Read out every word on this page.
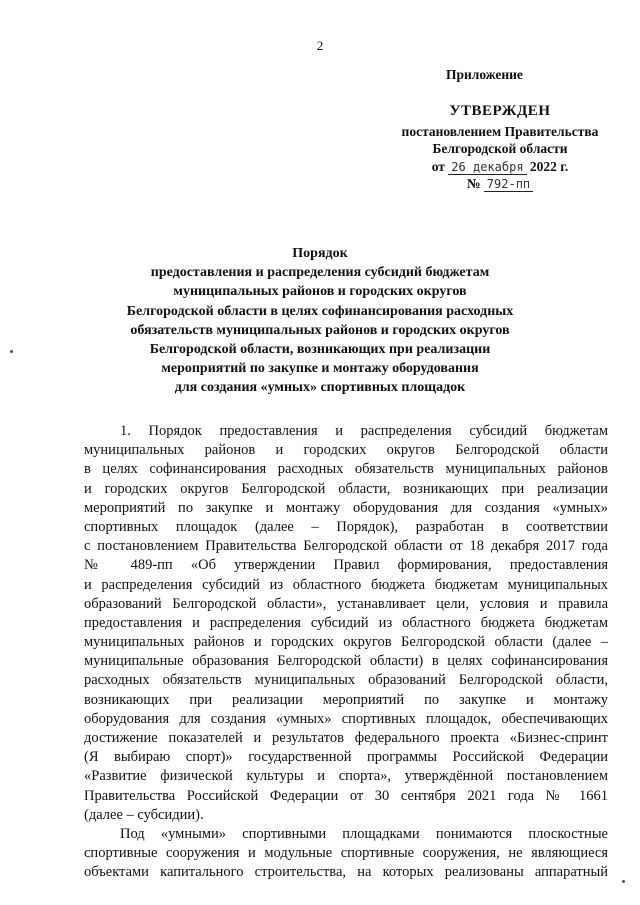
2
Приложение
УТВЕРЖДЕН
постановлением Правительства
Белгородской области
от 26 декабря 2022 г.
№ 792-пп
Порядок
предоставления и распределения субсидий бюджетам
муниципальных районов и городских округов
Белгородской области в целях софинансирования расходных
обязательств муниципальных районов и городских округов
Белгородской области, возникающих при реализации
мероприятий по закупке и монтажу оборудования
для создания «умных» спортивных площадок
1. Порядок предоставления и распределения субсидий бюджетам
муниципальных районов и городских округов Белгородской области
в целях софинансирования расходных обязательств муниципальных районов
и городских округов Белгородской области, возникающих при реализации
мероприятий по закупке и монтажу оборудования для создания «умных»
спортивных площадок (далее – Порядок), разработан в соответствии
с постановлением Правительства Белгородской области от 18 декабря 2017 года
№ 489-пп «Об утверждении Правил формирования, предоставления
и распределения субсидий из областного бюджета бюджетам муниципальных
образований Белгородской области», устанавливает цели, условия и правила
предоставления и распределения субсидий из областного бюджета бюджетам
муниципальных районов и городских округов Белгородской области (далее –
муниципальные образования Белгородской области) в целях софинансирования
расходных обязательств муниципальных образований Белгородской области,
возникающих при реализации мероприятий по закупке и монтажу
оборудования для создания «умных» спортивных площадок, обеспечивающих
достижение показателей и результатов федерального проекта «Бизнес-спринт
(Я выбираю спорт)» государственной программы Российской Федерации
«Развитие физической культуры и спорта», утверждённой постановлением
Правительства Российской Федерации от 30 сентября 2021 года № 1661
(далее – субсидии).
Под «умными» спортивными площадками понимаются плоскостные
спортивные сооружения и модульные спортивные сооружения, не являющиеся
объектами капитального строительства, на которых реализованы аппаратный
